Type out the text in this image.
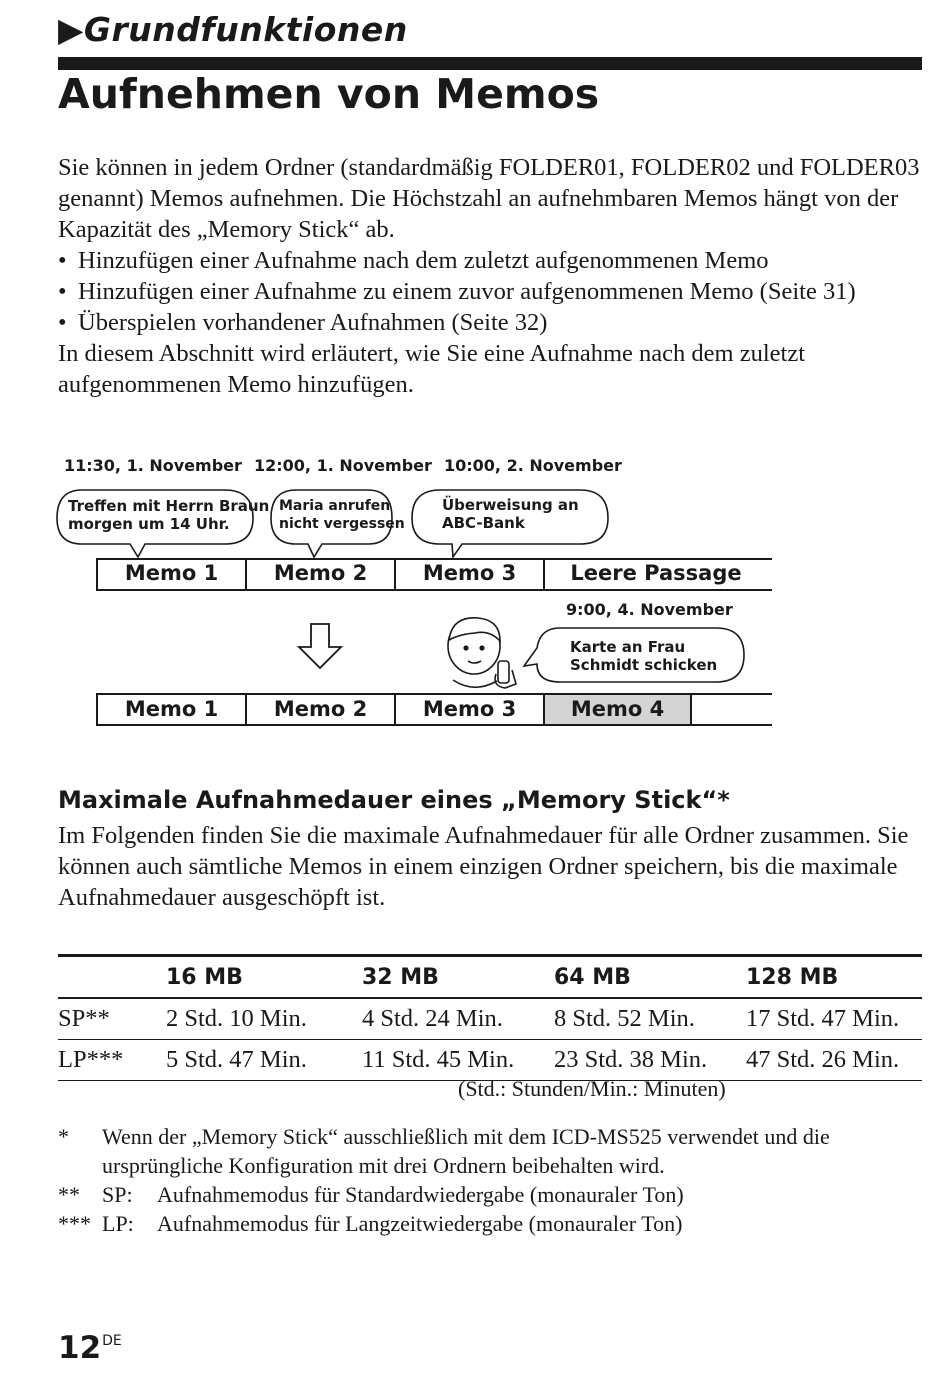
▶Grundfunktionen
Aufnehmen von Memos

Sie können in jedem Ordner (standardmäßig FOLDER01, FOLDER02 und FOLDER03 genannt) Memos aufnehmen. Die Höchstzahl an aufnehmbaren Memos hängt von der Kapazität des „Memory Stick“ ab.

• Hinzufügen einer Aufnahme nach dem zuletzt aufgenommenen Memo
• Hinzufügen einer Aufnahme zu einem zuvor aufgenommenen Memo (Seite 31)
• Überspielen vorhandener Aufnahmen (Seite 32)

In diesem Abschnitt wird erläutert, wie Sie eine Aufnahme nach dem zuletzt aufgenommenen Memo hinzufügen.

11:30, 1. November 12:00, 1. November 10:00, 2. November
Treffen mit Herrn Braun
morgen um 14 Uhr.
Maria anrufen
nicht vergessen
Überweisung an
ABC-Bank
Memo 1	Memo 2	Memo 3	Leere Passage
9:00, 4. November
Karte an Frau
Schmidt schicken
Memo 1	Memo 2	Memo 3	Memo 4
Maximale Aufnahmedauer eines „Memory Stick“*
Im Folgenden finden Sie die maximale Aufnahmedauer für alle Ordner zusammen. Sie können auch sämtliche Memos in einem einzigen Ordner speichern, bis die maximale Aufnahmedauer ausgeschöpft ist.
	16 MB	32 MB	64 MB	128 MB
SP**	2 Std. 10 Min.	4 Std. 24 Min.	8 Std. 52 Min.	17 Std. 47 Min.
LP***	5 Std. 47 Min.	11 Std. 45 Min.	23 Std. 38 Min.	47 Std. 26 Min.
(Std.: Stunden/Min.: Minuten)
*	Wenn der „Memory Stick“ ausschließlich mit dem ICD-MS525 verwendet und die ursprüngliche Konfiguration mit drei Ordnern beibehalten wird.
**	SP:	Aufnahmemodus für Standardwiedergabe (monauraler Ton)
*** LP:	Aufnahmemodus für Langzeitwiedergabe (monauraler Ton)
12DE
